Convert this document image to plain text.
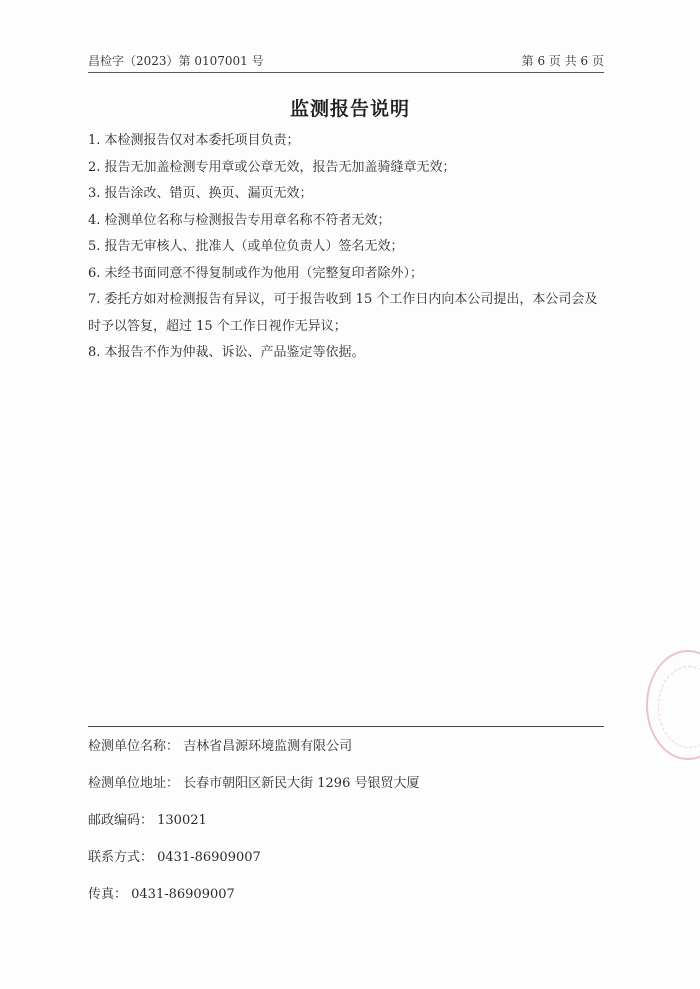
昌检字（2023）第 0107001 号	第 6 页 共 6 页
监测报告说明

1. 本检测报告仅对本委托项目负责；

2. 报告无加盖检测专用章或公章无效，报告无加盖骑缝章无效；

3. 报告涂改、错页、换页、漏页无效；

4. 检测单位名称与检测报告专用章名称不符者无效；

5. 报告无审核人、批准人（或单位负责人）签名无效；

6. 未经书面同意不得复制或作为他用（完整复印者除外）；

7. 委托方如对检测报告有异议，可于报告收到 15 个工作日内向本公司提出，本公司会及时予以答复，超过 15 个工作日视作无异议；

8. 本报告不作为仲裁、诉讼、产品鉴定等依据。

检测单位名称： 吉林省昌源环境监测有限公司
检测单位地址： 长春市朝阳区新民大街 1296 号银贸大厦
邮政编码： 130021
联系方式： 0431-86909007
传真： 0431-86909007
